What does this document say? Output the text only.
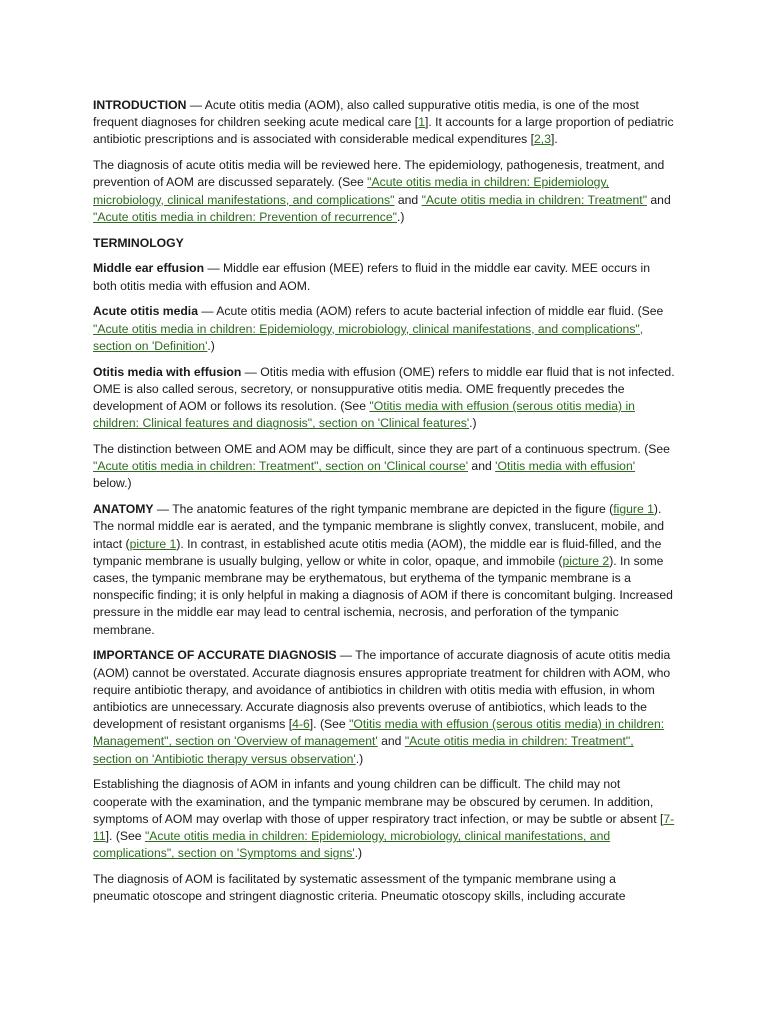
INTRODUCTION — Acute otitis media (AOM), also called suppurative otitis media, is one of the most frequent diagnoses for children seeking acute medical care [1]. It accounts for a large proportion of pediatric antibiotic prescriptions and is associated with considerable medical expenditures [2,3].

The diagnosis of acute otitis media will be reviewed here. The epidemiology, pathogenesis, treatment, and prevention of AOM are discussed separately. (See "Acute otitis media in children: Epidemiology, microbiology, clinical manifestations, and complications" and "Acute otitis media in children: Treatment" and "Acute otitis media in children: Prevention of recurrence".)

TERMINOLOGY

Middle ear effusion — Middle ear effusion (MEE) refers to fluid in the middle ear cavity. MEE occurs in both otitis media with effusion and AOM.

Acute otitis media — Acute otitis media (AOM) refers to acute bacterial infection of middle ear fluid. (See "Acute otitis media in children: Epidemiology, microbiology, clinical manifestations, and complications", section on 'Definition'.)

Otitis media with effusion — Otitis media with effusion (OME) refers to middle ear fluid that is not infected. OME is also called serous, secretory, or nonsuppurative otitis media. OME frequently precedes the development of AOM or follows its resolution. (See "Otitis media with effusion (serous otitis media) in children: Clinical features and diagnosis", section on 'Clinical features'.)

The distinction between OME and AOM may be difficult, since they are part of a continuous spectrum. (See "Acute otitis media in children: Treatment", section on 'Clinical course' and 'Otitis media with effusion' below.)

ANATOMY — The anatomic features of the right tympanic membrane are depicted in the figure (figure 1). The normal middle ear is aerated, and the tympanic membrane is slightly convex, translucent, mobile, and intact (picture 1). In contrast, in established acute otitis media (AOM), the middle ear is fluid-filled, and the tympanic membrane is usually bulging, yellow or white in color, opaque, and immobile (picture 2). In some cases, the tympanic membrane may be erythematous, but erythema of the tympanic membrane is a nonspecific finding; it is only helpful in making a diagnosis of AOM if there is concomitant bulging. Increased pressure in the middle ear may lead to central ischemia, necrosis, and perforation of the tympanic membrane.

IMPORTANCE OF ACCURATE DIAGNOSIS — The importance of accurate diagnosis of acute otitis media (AOM) cannot be overstated. Accurate diagnosis ensures appropriate treatment for children with AOM, who require antibiotic therapy, and avoidance of antibiotics in children with otitis media with effusion, in whom antibiotics are unnecessary. Accurate diagnosis also prevents overuse of antibiotics, which leads to the development of resistant organisms [4-6]. (See "Otitis media with effusion (serous otitis media) in children: Management", section on 'Overview of management' and "Acute otitis media in children: Treatment", section on 'Antibiotic therapy versus observation'.)

Establishing the diagnosis of AOM in infants and young children can be difficult. The child may not cooperate with the examination, and the tympanic membrane may be obscured by cerumen. In addition, symptoms of AOM may overlap with those of upper respiratory tract infection, or may be subtle or absent [7-11]. (See "Acute otitis media in children: Epidemiology, microbiology, clinical manifestations, and complications", section on 'Symptoms and signs'.)

The diagnosis of AOM is facilitated by systematic assessment of the tympanic membrane using a pneumatic otoscope and stringent diagnostic criteria. Pneumatic otoscopy skills, including accurate
